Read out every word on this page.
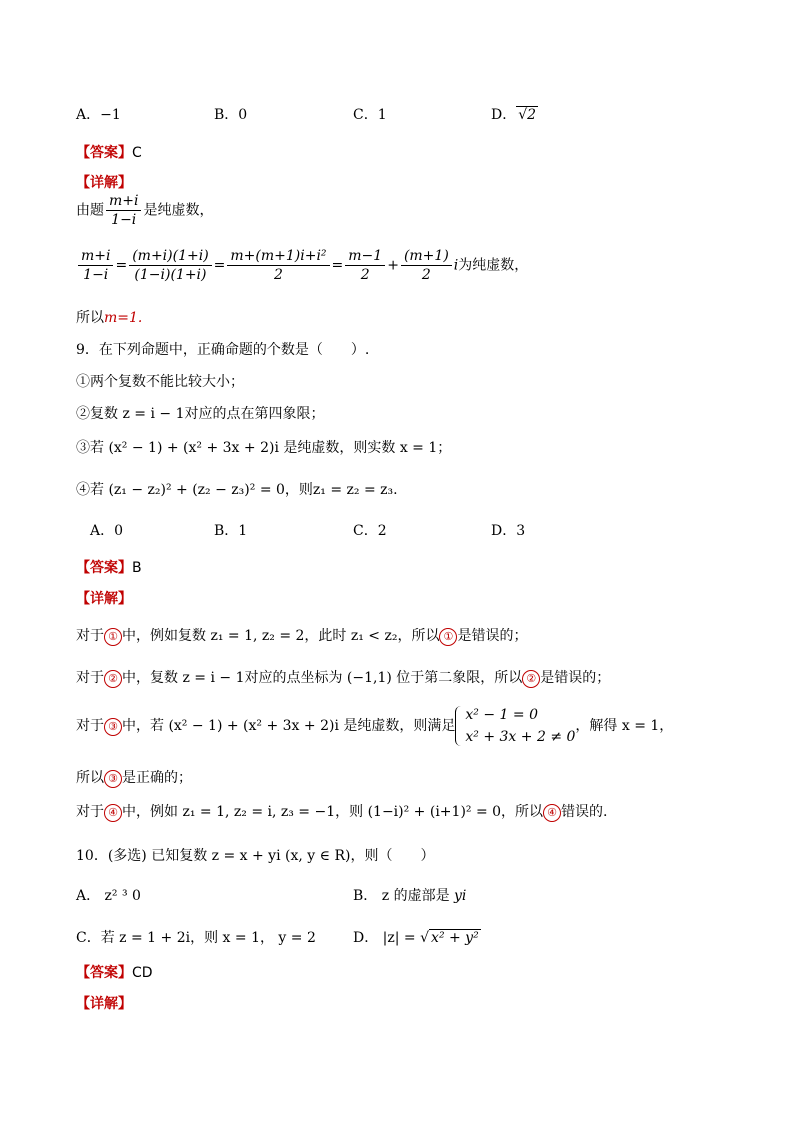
A．−1	B．0	C．1	D． √2
【答案】C
【详解】
由题 $\frac{m+i}{1-i}$ 是纯虚数，
$\frac{m+i}{1-i} = \frac{(m+i)(1+i)}{(1-i)(1+i)} = \frac{\text{m+(m+1)i+i²}}{2} = \frac{m-1}{2} + \frac{(m+1)}{2}$ i为纯虚数，
所以m=1.
9．在下列命题中，正确命题的个数是（　　）.
①两个复数不能比较大小；
②复数 z = i − 1对应的点在第四象限；
③若 (x² − 1) + (x² + 3x + 2)i 是纯虚数，则实数 x = 1；
④若 (z₁ − z₂)² + (z₂ − z₃)² = 0，则z₁ = z₂ = z₃.
A．0	B．1	C．2	D．3
【答案】B
【详解】
对于 ① 中，例如复数 z₁ = 1, z₂ = 2，此时 z₁ < z₂，所以 ① 是错误的；
对于 ② 中，复数 z = i − 1对应的点坐标为 (−1,1) 位于第二象限，所以 ② 是错误的；
对于 ③ 中，若 (x² − 1) + (x² + 3x + 2)i 是纯虚数，则满足
x² − 1 = 0
x² + 3x + 2 ≠ 0
，解得 x = 1，
所以 ③ 是正确的；
对于 ④ 中，例如 z₁ = 1, z₂ = i, z₃ = −1，则 (1−i)² + (i+1)² = 0，所以 ④ 错误的.
10．(多选) 已知复数 z = x + yi (x, y ∈ R)，则（　　）
A． z² ³ 0	B． z 的虚部是 yi
C．若 z = 1 + 2i，则 x = 1， y = 2	D． |z| = √ x² + y²
【答案】CD
【详解】
